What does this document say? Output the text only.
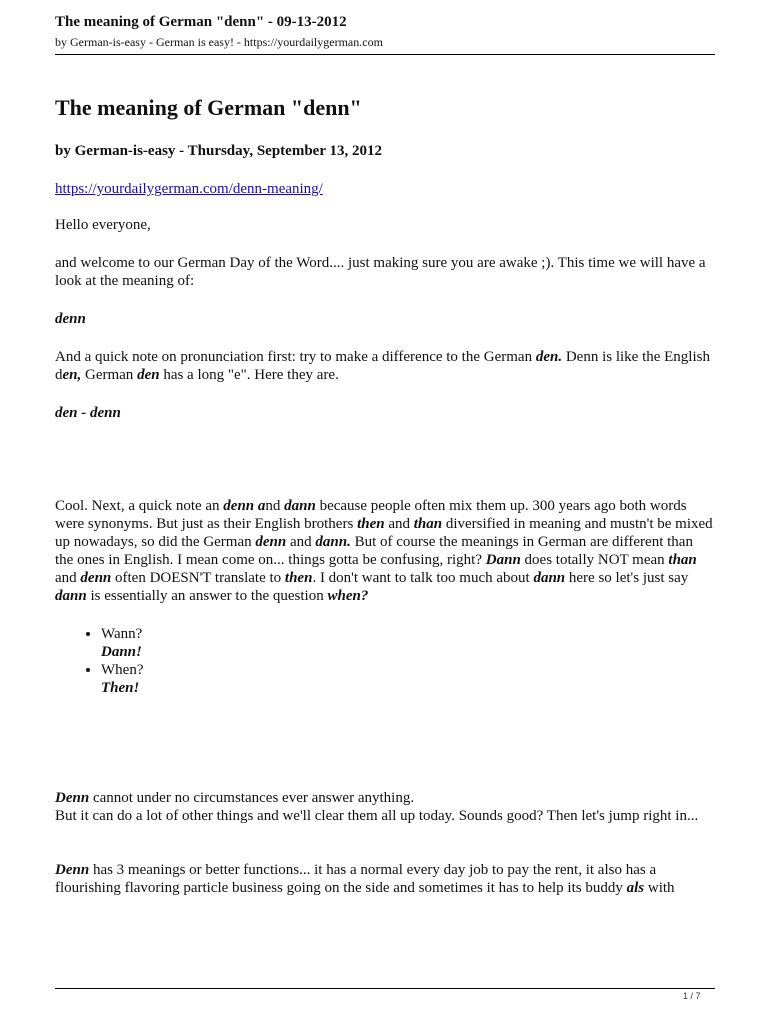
The meaning of German "denn" - 09-13-2012
by German-is-easy - German is easy! - https://yourdailygerman.com
The meaning of German "denn"
by German-is-easy - Thursday, September 13, 2012
https://yourdailygerman.com/denn-meaning/

Hello everyone,

and welcome to our German Day of the Word.... just making sure you are awake ;). This time we will have a look at the meaning of:

denn

And a quick note on pronunciation first: try to make a difference to the German den. Denn is like the English den, German den has a long "e". Here they are.

den - denn

Cool. Next, a quick note an denn and dann because people often mix them up. 300 years ago both words were synonyms. But just as their English brothers then and than diversified in meaning and mustn't be mixed up nowadays, so did the German denn and dann. But of course the meanings in German are different than the ones in English. I mean come on... things gotta be confusing, right? Dann does totally NOT mean than and denn often DOESN'T translate to then. I don't want to talk too much about dann here so let's just say dann is essentially an answer to the question when?

• Wann?
Dann!
• When?
Then!

Denn cannot under no circumstances ever answer anything.
But it can do a lot of other things and we'll clear them all up today. Sounds good? Then let's jump right in...

Denn has 3 meanings or better functions... it has a normal every day job to pay the rent, it also has a flourishing flavoring particle business going on the side and sometimes it has to help its buddy als with

1 / 7
